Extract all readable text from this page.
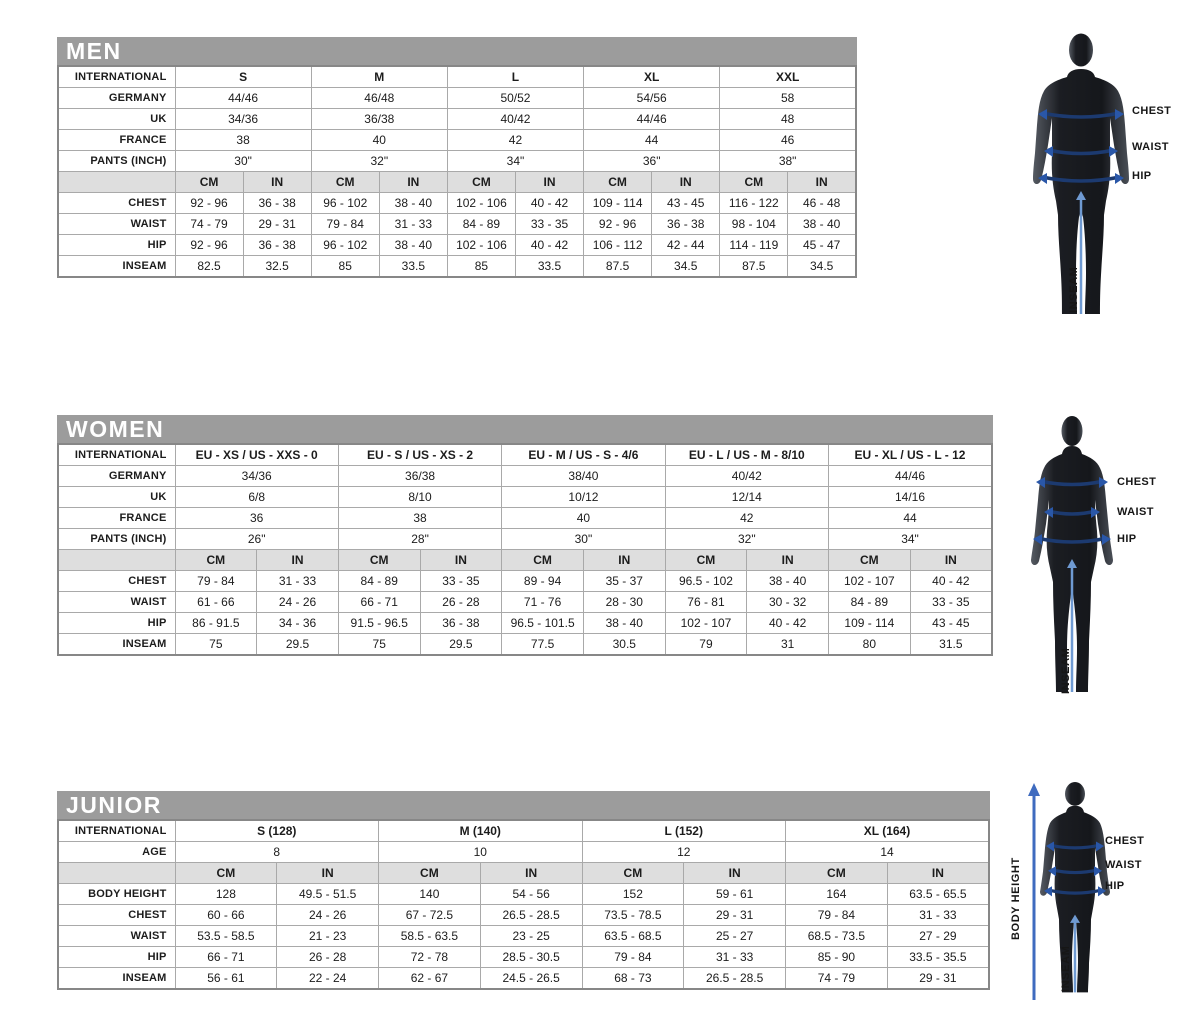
MEN
INTERNATIONAL	S		M		L		XL		XXL	
GERMANY	44/46		46/48		50/52		54/56		58	
UK	34/36		36/38		40/42		44/46		48	
FRANCE	38		40		42		44		46	
PANTS (INCH)	30"		32"		34"		36"		38"	
	CM	IN	CM	IN	CM	IN	CM	IN	CM	IN
CHEST	92 - 96	36 - 38	96 - 102	38 - 40	102 - 106	40 - 42	109 - 114	43 - 45	116 - 122	46 - 48
WAIST	74 - 79	29 - 31	79 - 84	31 - 33	84 - 89	33 - 35	92 - 96	36 - 38	98 - 104	38 - 40
HIP	92 - 96	36 - 38	96 - 102	38 - 40	102 - 106	40 - 42	106 - 112	42 - 44	114 - 119	45 - 47
INSEAM	82.5	32.5	85	33.5	85	33.5	87.5	34.5	87.5	34.5
WOMEN
INTERNATIONAL	EU - XS / US - XXS - 0		EU - S / US - XS - 2		EU - M / US - S - 4/6		EU - L / US - M - 8/10		EU - XL / US - L - 12	
GERMANY	34/36		36/38		38/40		40/42		44/46	
UK	6/8		8/10		10/12		12/14		14/16	
FRANCE	36		38		40		42		44	
PANTS (INCH)	26"		28"		30"		32"		34"	
	CM	IN	CM	IN	CM	IN	CM	IN	CM	IN
CHEST	79 - 84	31 - 33	84 - 89	33 - 35	89 - 94	35 - 37	96.5 - 102	38 - 40	102 - 107	40 - 42
WAIST	61 - 66	24 - 26	66 - 71	26 - 28	71 - 76	28 - 30	76 - 81	30 - 32	84 - 89	33 - 35
HIP	86 - 91.5	34 - 36	91.5 - 96.5	36 - 38	96.5 - 101.5	38 - 40	102 - 107	40 - 42	109 - 114	43 - 45
INSEAM	75	29.5	75	29.5	77.5	30.5	79	31	80	31.5
JUNIOR
INTERNATIONAL	S (128)		M (140)		L (152)		XL (164)	
AGE	8		10		12		14	
	CM	IN	CM	IN	CM	IN	CM	IN
BODY HEIGHT	128	49.5 - 51.5	140	54 - 56	152	59 - 61	164	63.5 - 65.5
CHEST	60 - 66	24 - 26	67 - 72.5	26.5 - 28.5	73.5 - 78.5	29 - 31	79 - 84	31 - 33
WAIST	53.5 - 58.5	21 - 23	58.5 - 63.5	23 - 25	63.5 - 68.5	25 - 27	68.5 - 73.5	27 - 29
HIP	66 - 71	26 - 28	72 - 78	28.5 - 30.5	79 - 84	31 - 33	85 - 90	33.5 - 35.5
INSEAM	56 - 61	22 - 24	62 - 67	24.5 - 26.5	68 - 73	26.5 - 28.5	74 - 79	29 - 31
CHEST
WAIST
HIP
INSEAM
CHEST
WAIST
HIP
INSEAM
CHEST
WAIST
HIP
BODY HEIGHT
INSEAM
